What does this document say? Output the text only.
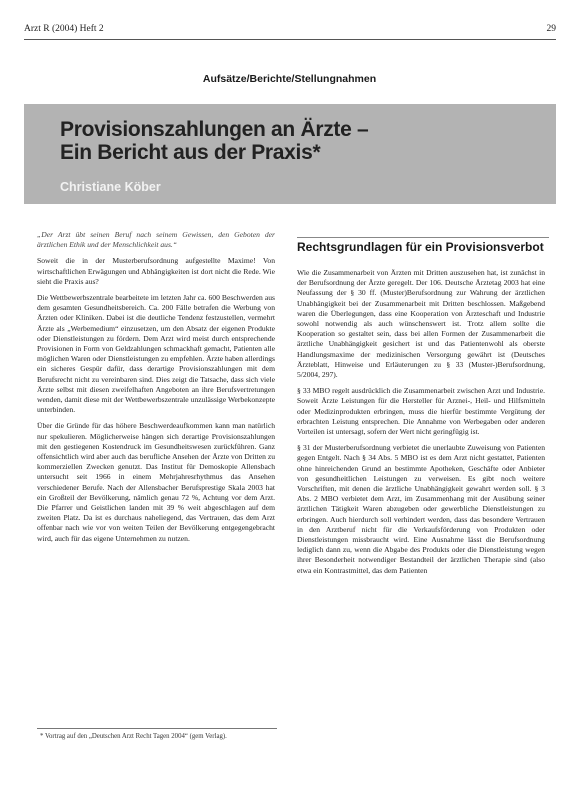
Arzt R (2004) Heft 2	29
Aufsätze/Berichte/Stellungnahmen
Provisionszahlungen an Ärzte –
Ein Bericht aus der Praxis*
Christiane Köber

„Der Arzt übt seinen Beruf nach seinem Gewissen, den Geboten der ärztlichen Ethik und der Menschlichkeit aus.“

Soweit die in der Musterberufsordnung aufgestellte Maxime! Von wirtschaftlichen Erwägungen und Abhängigkeiten ist dort nicht die Rede. Wie sieht die Praxis aus?

Die Wettbewerbszentrale bearbeitete im letzten Jahr ca. 600 Beschwerden aus dem gesamten Gesundheitsbereich. Ca. 200 Fälle betrafen die Werbung von Ärzten oder Kliniken. Dabei ist die deutliche Tendenz festzustellen, vermehrt Ärzte als „Werbemedium“ einzusetzen, um den Absatz der eigenen Produkte oder Dienstleistungen zu fördern. Dem Arzt wird meist durch entsprechende Provisionen in Form von Geldzahlungen schmackhaft gemacht, Patienten alle möglichen Waren oder Dienstleistungen zu empfehlen. Ärzte haben allerdings ein sicheres Gespür dafür, dass derartige Provisionszahlungen mit dem Berufsrecht nicht zu vereinbaren sind. Dies zeigt die Tatsache, dass sich viele Ärzte selbst mit diesen zweifelhaften Angeboten an ihre Berufsvertretungen wenden, damit diese mit der Wettbewerbszentrale unzulässige Werbekonzepte unterbinden.

Über die Gründe für das höhere Beschwerdeaufkommen kann man natürlich nur spekulieren. Möglicherweise hängen sich derartige Provisionszahlungen mit den gestiegenen Kostendruck im Gesundheitswesen zurückführen. Ganz offensichtlich wird aber auch das berufliche Ansehen der Ärzte von Dritten zu kommerziellen Zwecken genutzt. Das Institut für Demoskopie Allensbach untersucht seit 1966 in einem Mehrjahresrhythmus das Ansehen verschiedener Berufe. Nach der Allensbacher Berufsprestige Skala 2003 hat ein Großteil der Bevölkerung, nämlich genau 72 %, Achtung vor dem Arzt. Die Pfarrer und Geistlichen landen mit 39 % weit abgeschlagen auf dem zweiten Platz. Da ist es durchaus naheliegend, das Vertrauen, das dem Arzt offenbar nach wie vor von weiten Teilen der Bevölkerung entgegengebracht wird, auch für das eigene Unternehmen zu nutzen.

Rechtsgrundlagen für ein Provisionsverbot

Wie die Zusammenarbeit von Ärzten mit Dritten auszusehen hat, ist zunächst in der Berufsordnung der Ärzte geregelt. Der 106. Deutsche Ärztetag 2003 hat eine Neufassung der § 30 ff. (Muster)Berufsordnung zur Wahrung der ärztlichen Unabhängigkeit bei der Zusammenarbeit mit Dritten beschlossen. Maßgebend waren die Überlegungen, dass eine Kooperation von Ärzteschaft und Industrie sowohl notwendig als auch wünschenswert ist. Trotz allem sollte die Kooperation so gestaltet sein, dass bei allen Formen der Zusammenarbeit die ärztliche Unabhängigkeit gesichert ist und das Patientenwohl als oberste Handlungsmaxime der medizinischen Versorgung gewährt ist (Deutsches Ärzteblatt, Hinweise und Erläuterungen zu § 33 (Muster-)Berufsordnung, 5/2004, 297).

§ 33 MBO regelt ausdrücklich die Zusammenarbeit zwischen Arzt und Industrie. Soweit Ärzte Leistungen für die Hersteller für Arznei-, Heil- und Hilfsmitteln oder Medizinprodukten erbringen, muss die hierfür bestimmte Vergütung der erbrachten Leistung entsprechen. Die Annahme von Werbegaben oder anderen Vorteilen ist untersagt, sofern der Wert nicht geringfügig ist.

§ 31 der Musterberufsordnung verbietet die unerlaubte Zuweisung von Patienten gegen Entgelt. Nach § 34 Abs. 5 MBO ist es dem Arzt nicht gestattet, Patienten ohne hinreichenden Grund an bestimmte Apotheken, Geschäfte oder Anbieter von gesundheitlichen Leistungen zu verweisen. Es gibt noch weitere Vorschriften, mit denen die ärztliche Unabhängigkeit gewahrt werden soll. § 3 Abs. 2 MBO verbietet dem Arzt, im Zusammenhang mit der Ausübung seiner ärztlichen Tätigkeit Waren abzugeben oder gewerbliche Dienstleistungen zu erbringen. Auch hierdurch soll verhindert werden, dass das besondere Vertrauen in den Arztberuf nicht für die Verkaufsförderung von Produkten oder Dienstleistungen missbraucht wird. Eine Ausnahme lässt die Berufsordnung lediglich dann zu, wenn die Abgabe des Produkts oder die Dienstleistung wegen ihrer Besonderheit notwendiger Bestandteil der ärztlichen Therapie sind (also etwa ein Kontrastmittel, das dem Patienten

* Vortrag auf den „Deutschen Arzt Recht Tagen 2004“ (gem Verlag).
